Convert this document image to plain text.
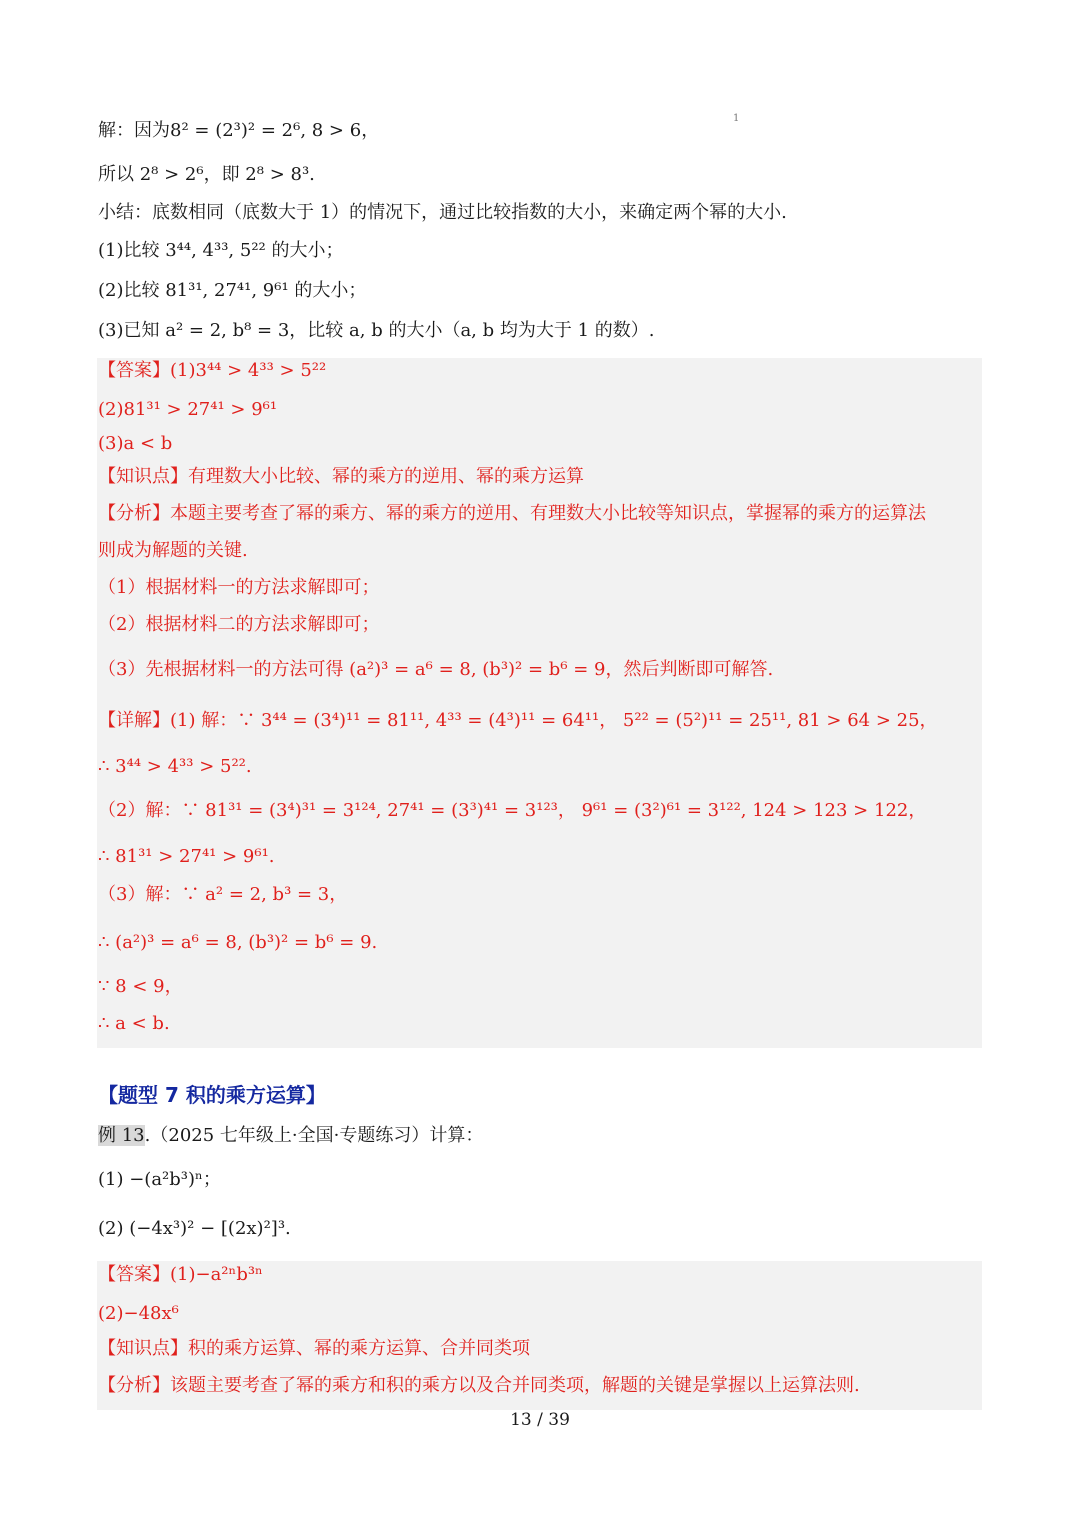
1
解：因为8² = (2³)² = 2⁶, 8 > 6，
所以 2⁸ > 2⁶，即 2⁸ > 8³.
小结：底数相同（底数大于 1）的情况下，通过比较指数的大小，来确定两个幂的大小.
(1)比较 3⁴⁴, 4³³, 5²² 的大小；
(2)比较 81³¹, 27⁴¹, 9⁶¹ 的大小；
(3)已知 a² = 2, b⁸ = 3，比较 a, b 的大小（a, b 均为大于 1 的数）.
【答案】(1)3⁴⁴ > 4³³ > 5²²
(2)81³¹ > 27⁴¹ > 9⁶¹
(3)a < b
【知识点】有理数大小比较、幂的乘方的逆用、幂的乘方运算
【分析】本题主要考查了幂的乘方、幂的乘方的逆用、有理数大小比较等知识点，掌握幂的乘方的运算法
则成为解题的关键.
（1）根据材料一的方法求解即可；
（2）根据材料二的方法求解即可；
（3）先根据材料一的方法可得 (a²)³ = a⁶ = 8, (b³)² = b⁶ = 9，然后判断即可解答.
【详解】(1) 解：∵ 3⁴⁴ = (3⁴)¹¹ = 81¹¹, 4³³ = (4³)¹¹ = 64¹¹， 5²² = (5²)¹¹ = 25¹¹, 81 > 64 > 25，
∴ 3⁴⁴ > 4³³ > 5²².
（2）解：∵ 81³¹ = (3⁴)³¹ = 3¹²⁴, 27⁴¹ = (3³)⁴¹ = 3¹²³， 9⁶¹ = (3²)⁶¹ = 3¹²², 124 > 123 > 122，
∴ 81³¹ > 27⁴¹ > 9⁶¹.
（3）解：∵ a² = 2, b³ = 3，
∴ (a²)³ = a⁶ = 8, (b³)² = b⁶ = 9.
∵ 8 < 9，
∴ a < b.
【题型 7 积的乘方运算】
例 13.（2025 七年级上·全国·专题练习）计算：
(1) −(a²b³)ⁿ；
(2) (−4x³)² − [(2x)²]³.
【答案】(1)−a²ⁿb³ⁿ
(2)−48x⁶
【知识点】积的乘方运算、幂的乘方运算、合并同类项
【分析】该题主要考查了幂的乘方和积的乘方以及合并同类项，解题的关键是掌握以上运算法则.
13 / 39
